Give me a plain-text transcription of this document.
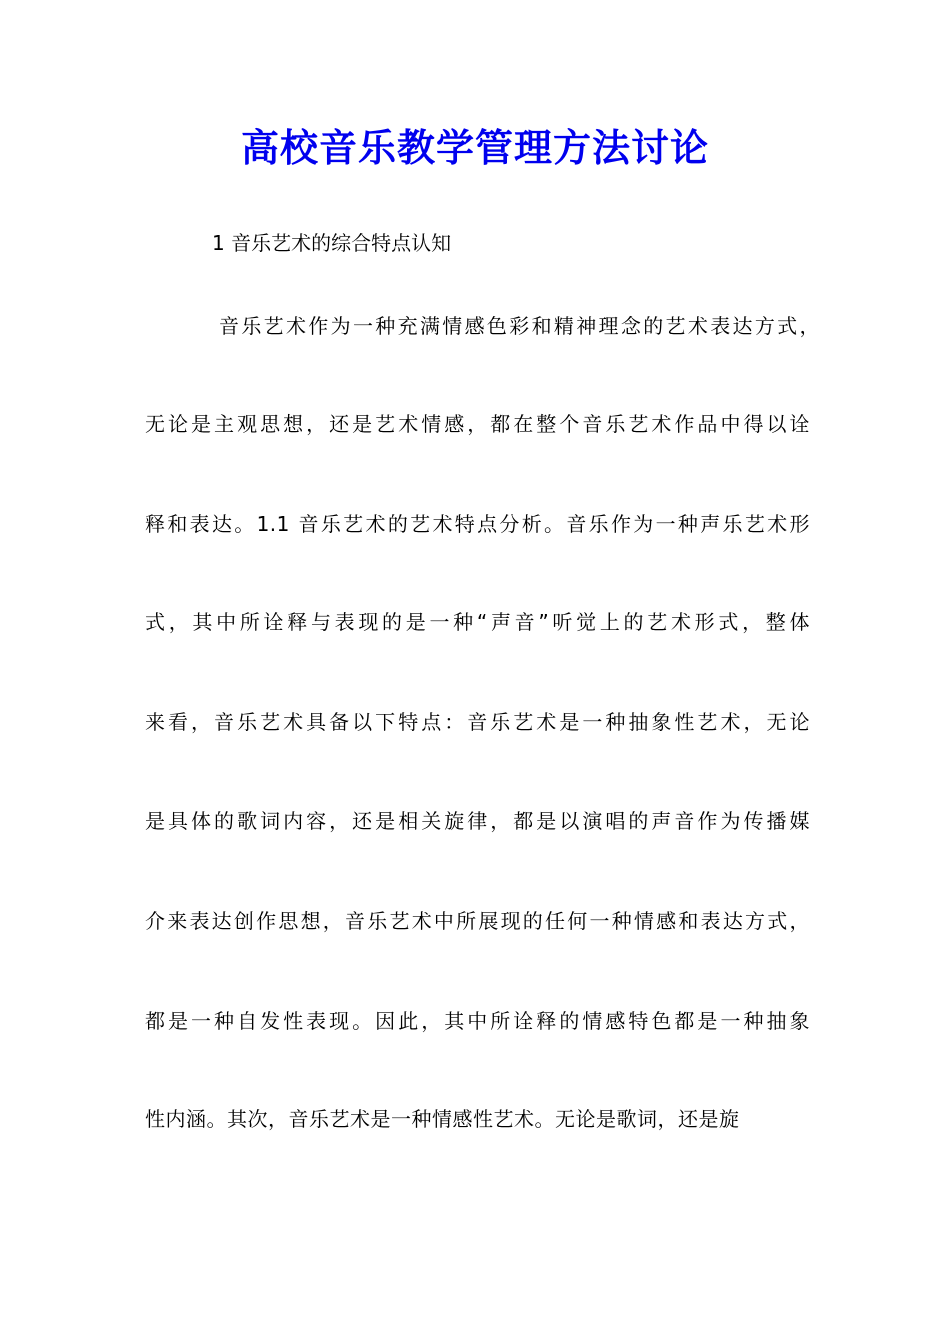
高校音乐教学管理方法讨论
1 音乐艺术的综合特点认知
音乐艺术作为一种充满情感色彩和精神理念的艺术表达方式，
无论是主观思想，还是艺术情感，都在整个音乐艺术作品中得以诠
释和表达。1.1 音乐艺术的艺术特点分析。音乐作为一种声乐艺术形
式，其中所诠释与表现的是一种“声音”听觉上的艺术形式，整体
来看，音乐艺术具备以下特点：音乐艺术是一种抽象性艺术，无论
是具体的歌词内容，还是相关旋律，都是以演唱的声音作为传播媒
介来表达创作思想，音乐艺术中所展现的任何一种情感和表达方式，
都是一种自发性表现。因此，其中所诠释的情感特色都是一种抽象
性内涵。其次，音乐艺术是一种情感性艺术。无论是歌词，还是旋
